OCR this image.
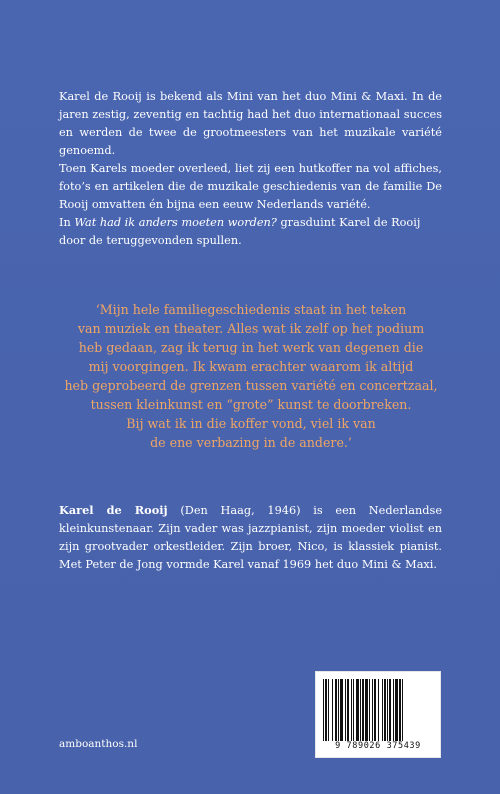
Karel de Rooij is bekend als Mini van het duo Mini & Maxi. In de jaren zestig, zeventig en tachtig had het duo internationaal succes en werden de twee de grootmeesters van het muzikale variété genoemd.

Toen Karels moeder overleed, liet zij een hutkoffer na vol affiches, foto’s en artikelen die de muzikale geschiedenis van de familie De Rooij omvatten én bijna een eeuw Nederlands variété.

In Wat had ik anders moeten worden? grasduint Karel de Rooij door de teruggevonden spullen.

‘Mijn hele familiegeschiedenis staat in het teken
van muziek en theater. Alles wat ik zelf op het podium
heb gedaan, zag ik terug in het werk van degenen die
mij voorgingen. Ik kwam erachter waarom ik altijd
heb geprobeerd de grenzen tussen variété en concertzaal,
tussen kleinkunst en “grote” kunst te doorbreken.
Bij wat ik in die koffer vond, viel ik van
de ene verbazing in de andere.’
Karel de Rooij (Den Haag, 1946) is een Nederlandse kleinkunstenaar. Zijn vader was jazzpianist, zijn moeder violist en zijn grootvader orkestleider. Zijn broer, Nico, is klassiek pianist. Met Peter de Jong vormde Karel vanaf 1969 het duo Mini & Maxi.
amboanthos.nl	9 789026 375439
